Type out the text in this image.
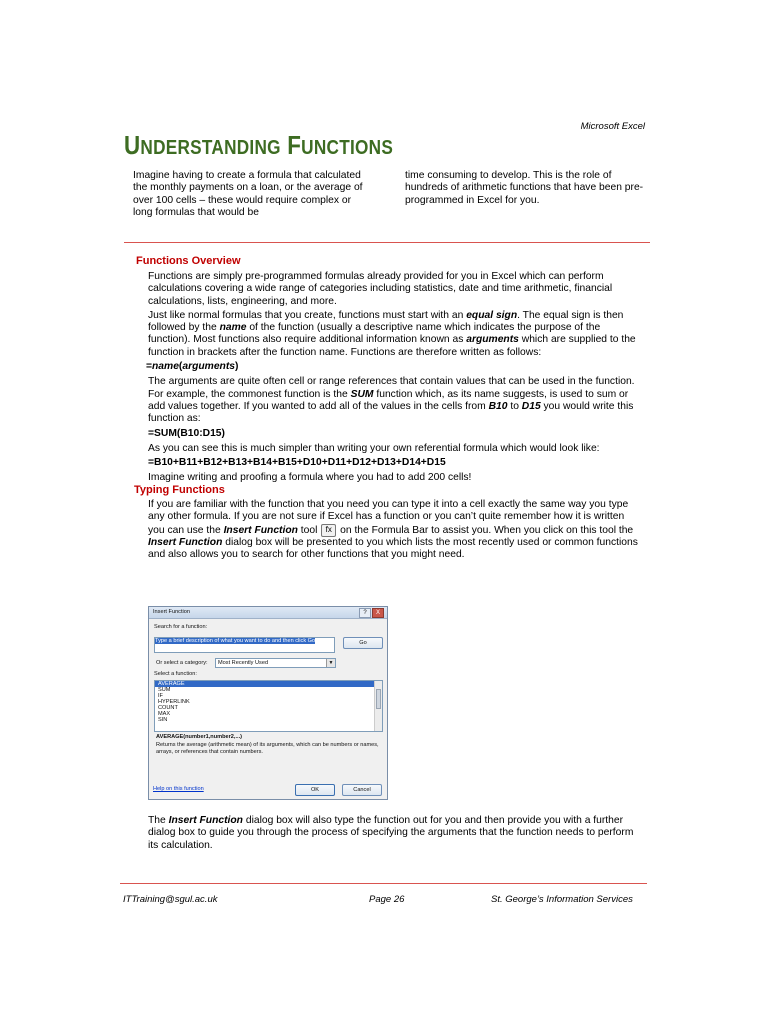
Microsoft Excel
UNDERSTANDING FUNCTIONS
Imagine having to create a formula that calculated the monthly payments on a loan, or the average of over 100 cells – these would require complex or long formulas that would be
time consuming to develop. This is the role of hundreds of arithmetic functions that have been pre-programmed in Excel for you.
Functions Overview

Functions are simply pre-programmed formulas already provided for you in Excel which can perform calculations covering a wide range of categories including statistics, date and time arithmetic, financial calculations, lists, engineering, and more.

Just like normal formulas that you create, functions must start with an equal sign. The equal sign is then followed by the name of the function (usually a descriptive name which indicates the purpose of the function). Most functions also require additional information known as arguments which are supplied to the function in brackets after the function name. Functions are therefore written as follows:

=name(arguments)

The arguments are quite often cell or range references that contain values that can be used in the function. For example, the commonest function is the SUM function which, as its name suggests, is used to sum or add values together. If you wanted to add all of the values in the cells from B10 to D15 you would write this function as:

=SUM(B10:D15)

As you can see this is much simpler than writing your own referential formula which would look like:

=B10+B11+B12+B13+B14+B15+D10+D11+D12+D13+D14+D15

Imagine writing and proofing a formula where you had to add 200 cells!

Typing Functions

If you are familiar with the function that you need you can type it into a cell exactly the same way you type any other formula. If you are not sure if Excel has a function or you can’t quite remember how it is written you can use the Insert Function tool fx on the Formula Bar to assist you. When you click on this tool the Insert Function dialog box will be presented to you which lists the most recently used or common functions and also allows you to search for other functions that you might need.

Insert Function	?	X
Search for a function:
Type a brief description of what you want to do and then click Go	Go
Or select a category:	Most Recently Used	▼
Select a function:
AVERAGE
SUM
IF
HYPERLINK
COUNT
MAX
SIN
AVERAGE(number1,number2,...)
Returns the average (arithmetic mean) of its arguments, which can be numbers or names, arrays, or references that contain numbers.
Help on this function	OK	Cancel

The Insert Function dialog box will also type the function out for you and then provide you with a further dialog box to guide you through the process of specifying the arguments that the function needs to perform its calculation.

ITTraining@sgul.ac.uk	Page 26	St. George’s Information Services
